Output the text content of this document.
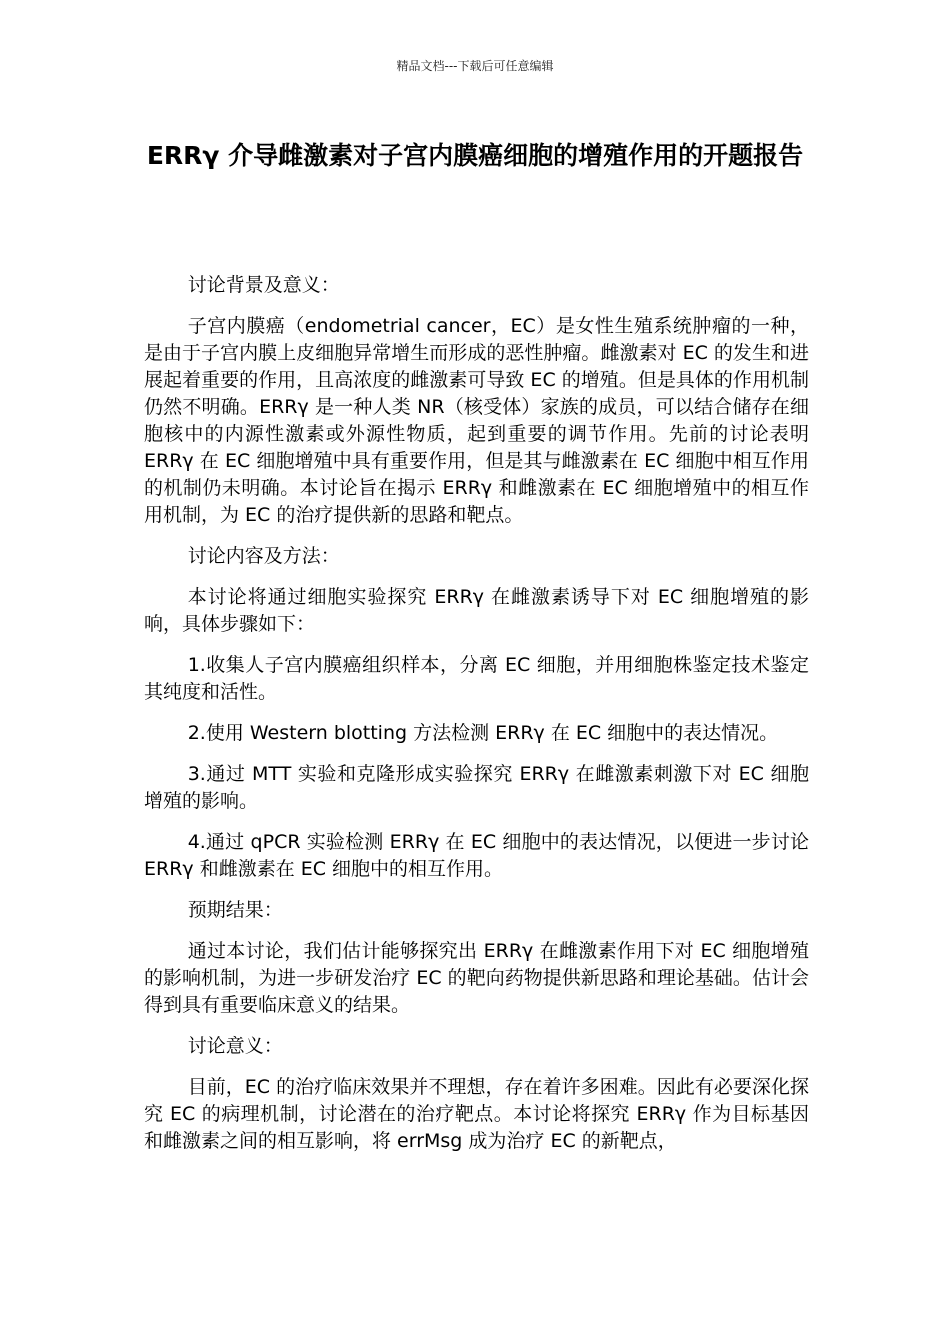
精品文档---下载后可任意编辑
ERRγ 介导雌激素对子宫内膜癌细胞的增殖作用的开题报告

讨论背景及意义：

子宫内膜癌（endometrial cancer，EC）是女性生殖系统肿瘤的一种，是由于子宫内膜上皮细胞异常增生而形成的恶性肿瘤。雌激素对 EC 的发生和进展起着重要的作用，且高浓度的雌激素可导致 EC 的增殖。但是具体的作用机制仍然不明确。ERRγ 是一种人类 NR（核受体）家族的成员，可以结合储存在细胞核中的内源性激素或外源性物质，起到重要的调节作用。先前的讨论表明 ERRγ 在 EC 细胞增殖中具有重要作用，但是其与雌激素在 EC 细胞中相互作用的机制仍未明确。本讨论旨在揭示 ERRγ 和雌激素在 EC 细胞增殖中的相互作用机制，为 EC 的治疗提供新的思路和靶点。

讨论内容及方法：

本讨论将通过细胞实验探究 ERRγ 在雌激素诱导下对 EC 细胞增殖的影响，具体步骤如下：

1.收集人子宫内膜癌组织样本，分离 EC 细胞，并用细胞株鉴定技术鉴定其纯度和活性。

2.使用 Western blotting 方法检测 ERRγ 在 EC 细胞中的表达情况。

3.通过 MTT 实验和克隆形成实验探究 ERRγ 在雌激素刺激下对 EC 细胞增殖的影响。

4.通过 qPCR 实验检测 ERRγ 在 EC 细胞中的表达情况，以便进一步讨论 ERRγ 和雌激素在 EC 细胞中的相互作用。

预期结果：

通过本讨论，我们估计能够探究出 ERRγ 在雌激素作用下对 EC 细胞增殖的影响机制，为进一步研发治疗 EC 的靶向药物提供新思路和理论基础。估计会得到具有重要临床意义的结果。

讨论意义：

目前，EC 的治疗临床效果并不理想，存在着许多困难。因此有必要深化探究 EC 的病理机制，讨论潜在的治疗靶点。本讨论将探究 ERRγ 作为目标基因和雌激素之间的相互影响，将 errMsg 成为治疗 EC 的新靶点，
